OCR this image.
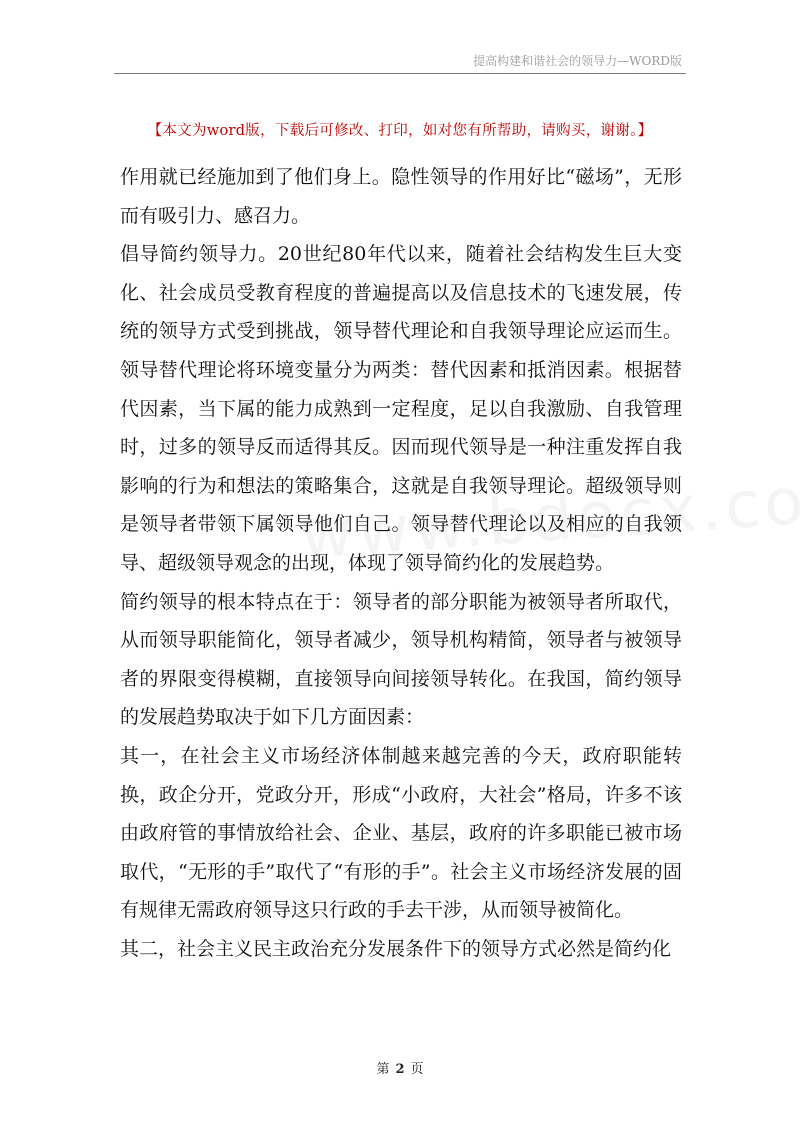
提高构建和谐社会的领导力—WORD版
【本文为word版，下载后可修改、打印，如对您有所帮助，请购买，谢谢。】

作用就已经施加到了他们身上。隐性领导的作用好比“磁场”，无形而有吸引力、感召力。

倡导简约领导力。20世纪80年代以来，随着社会结构发生巨大变化、社会成员受教育程度的普遍提高以及信息技术的飞速发展，传统的领导方式受到挑战，领导替代理论和自我领导理论应运而生。领导替代理论将环境变量分为两类：替代因素和抵消因素。根据替代因素，当下属的能力成熟到一定程度，足以自我激励、自我管理时，过多的领导反而适得其反。因而现代领导是一种注重发挥自我影响的行为和想法的策略集合，这就是自我领导理论。超级领导则是领导者带领下属领导他们自己。领导替代理论以及相应的自我领导、超级领导观念的出现，体现了领导简约化的发展趋势。

简约领导的根本特点在于：领导者的部分职能为被领导者所取代，从而领导职能简化，领导者减少，领导机构精简，领导者与被领导者的界限变得模糊，直接领导向间接领导转化。在我国，简约领导的发展趋势取决于如下几方面因素：

其一，在社会主义市场经济体制越来越完善的今天，政府职能转换，政企分开，党政分开，形成“小政府，大社会”格局，许多不该由政府管的事情放给社会、企业、基层，政府的许多职能已被市场取代，“无形的手”取代了“有形的手”。社会主义市场经济发展的固有规律无需政府领导这只行政的手去干涉，从而领导被简化。

其二，社会主义民主政治充分发展条件下的领导方式必然是简约化

第 2 页
